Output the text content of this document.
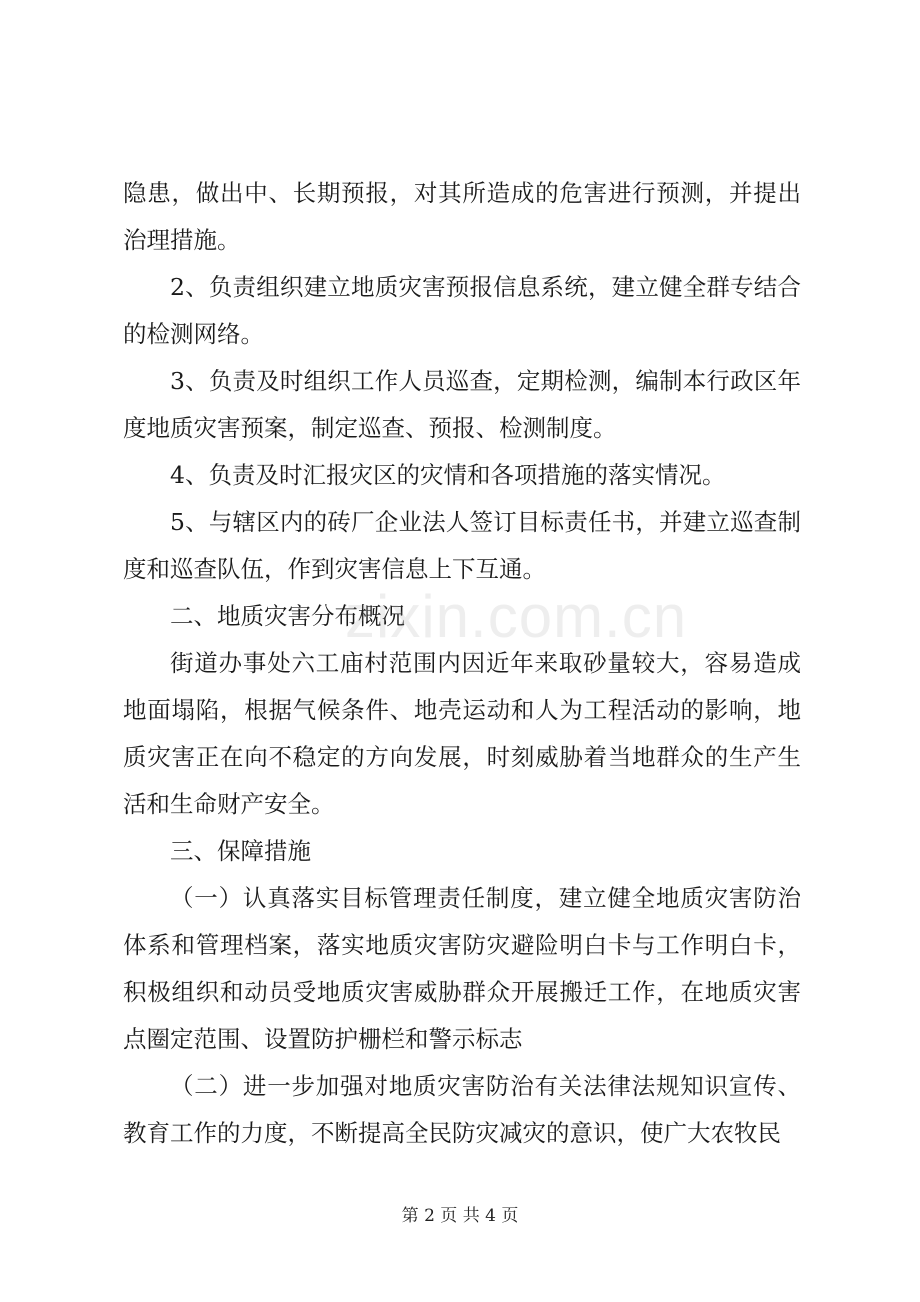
隐患，做出中、长期预报，对其所造成的危害进行预测，并提出治理措施。

2、负责组织建立地质灾害预报信息系统，建立健全群专结合的检测网络。

3、负责及时组织工作人员巡查，定期检测，编制本行政区年度地质灾害预案，制定巡查、预报、检测制度。

4、负责及时汇报灾区的灾情和各项措施的落实情况。

5、与辖区内的砖厂企业法人签订目标责任书，并建立巡查制度和巡查队伍，作到灾害信息上下互通。

二、地质灾害分布概况

街道办事处六工庙村范围内因近年来取砂量较大，容易造成地面塌陷，根据气候条件、地壳运动和人为工程活动的影响，地质灾害正在向不稳定的方向发展，时刻威胁着当地群众的生产生活和生命财产安全。

三、保障措施

（一）认真落实目标管理责任制度，建立健全地质灾害防治体系和管理档案，落实地质灾害防灾避险明白卡与工作明白卡，积极组织和动员受地质灾害威胁群众开展搬迁工作，在地质灾害点圈定范围、设置防护栅栏和警示标志

（二）进一步加强对地质灾害防治有关法律法规知识宣传、教育工作的力度，不断提高全民防灾减灾的意识，使广大农牧民

zixin.com.cn
第 2 页 共 4 页
